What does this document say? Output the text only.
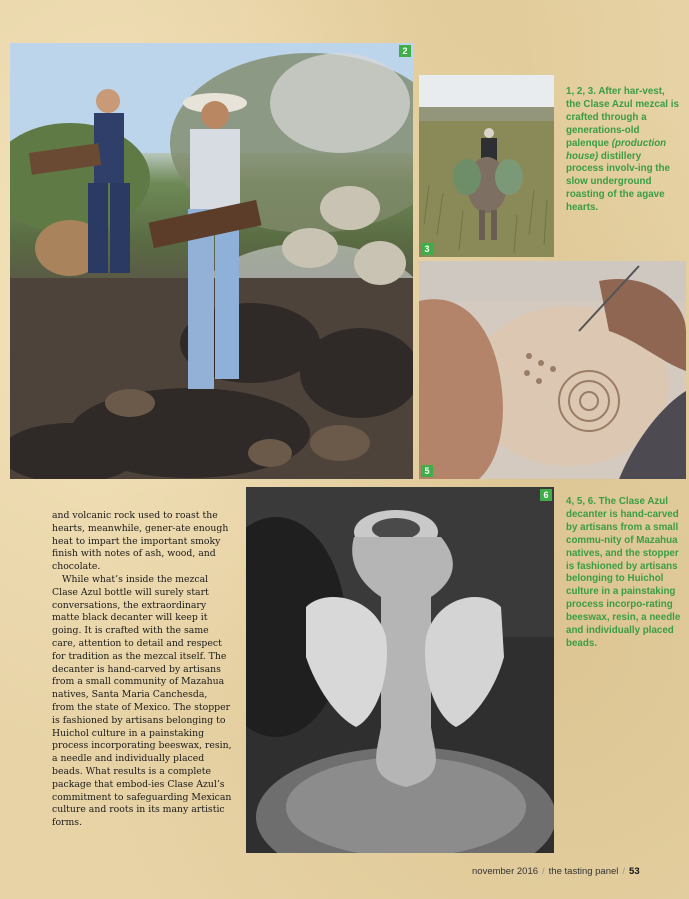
2
3
5
6
1, 2, 3. After har-vest, the Clase Azul mezcal is crafted through a generations-old palenque (production house) distillery process involv-ing the slow underground roasting of the agave hearts.
4, 5, 6. The Clase Azul decanter is hand-carved by artisans from a small commu-nity of Mazahua natives, and the stopper is fashioned by artisans belonging to Huichol culture in a painstaking process incorpo-rating beeswax, resin, a needle and individually placed beads.

and volcanic rock used to roast the hearts, meanwhile, gener-ate enough heat to impart the important smoky finish with notes of ash, wood, and chocolate.

While what’s inside the mezcal Clase Azul bottle will surely start conversations, the extraordinary matte black decanter will keep it going. It is crafted with the same care, attention to detail and respect for tradition as the mezcal itself. The decanter is hand-carved by artisans from a small community of Mazahua natives, Santa Maria Canchesda, from the state of Mexico. The stopper is fashioned by artisans belonging to Huichol culture in a painstaking process incorporating beeswax, resin, a needle and individually placed beads. What results is a complete package that embod-ies Clase Azul’s commitment to safeguarding Mexican culture and roots in its many artistic forms.

november 2016 / the tasting panel / 53
